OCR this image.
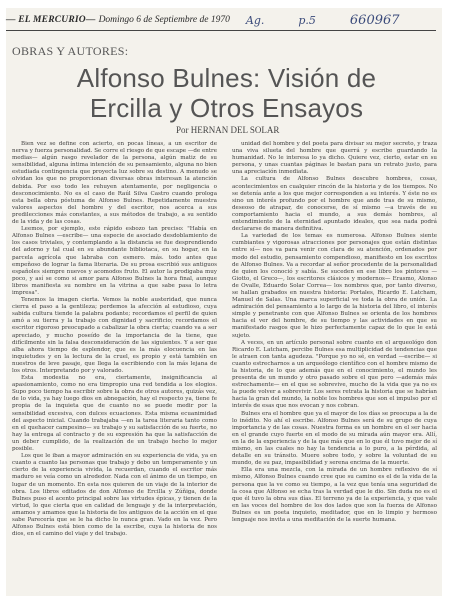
— EL MERCURIO— Domingo 6 de Septiembre de 1970 Ag.	p.5	660967
OBRAS Y AUTORES:
Alfonso Bulnes: Visión de
Ercilla y Otros Ensayos
Por HERNAN DEL SOLAR

Bien vez se define con acierto, en pocas líneas, a un escritor de nerva y fuerza personalidad. Se corre el riesgo de que escape —de entre medias— algún rasgo revelador de la persona, algún matiz de su sensibilidad, alguna íntima intención de su pensamiento, alguna no bien estudiada contingencia que proyecta luz sobre su destino. A menudo se olvidan los que no proporcionan diversas obras interesan la atención debida. Por eso todo les rehuyen atentamente, por negligencia o desconocimiento. No es el caso de Raúl Silva Castro cuando prologa esta bella obra póstuma de Alfonso Bulnes. Repetidamente muestra valores aspectos del hombre y del escritor, nos acerca a sus predilecciones más constantes, a sus métodos de trabajo, a su sentido de la vida y de las cosas.

Leemos, por ejemplo, este rápido esbozo tan preciso: "Había en Alfonso Bulnes —escribe— una especie de asociado desdoblamiento de los casos triviales, y contemplando a la distancia se fue desprendiendo del adorno y tal cual en su abundante bibliotaca, en su hogar, en la parcela agrícola que labraba con esmero. más. todo antes que empeñoso de lograr la fama literaria. De su prosa escribió sus antiguos españoles siempre nuevos y acomodos fruto. El autor la prodigaba muy poco, y así se como si amor para Alfonso Bulnes la hora final, aunque libros manifiesta su nombre en la vitrina a que sabe pasa lo letra impresa".

Tenemos la imagen cierta. Vemos la noble austeridad, que nunca cierra el paso a la gentileza; perdemos la afección al estudioso, cuya sabida cultura tiende la palabra podante; recordamos el perfil de quien amó a su tierra y la trabajo con dignidad y sacrificio; recordamos el escritor rigoroso preocupado a cabalizar la obra cierta; cuando va a ser apreciado, y mucho poseído de la importancia de la tiene, que difícilmente sin la falsa desconsideración de las siguientes. Y a ser que alba ahora tiempo de esplendor, que es la más elocuencia en las inquietudes y en la lectura de la cruel, es propio y está también en nuestros de leve pasaje, que llega la escribiendo con la más lejana de los otros. Interpretando por y valorado.

Esta modestia no era, ciertamente, insignificancia al apasionamiento, como no era timpropio una red tendida a los elogios. Supo poco tiempo ha escribir sobre la obra de otros autores, quizás vez, de lo vida, ya hay luego dios en abnegación, hay el respecto ya, tiene fe propia de la inquieta que de cuanto no se puede medir por la sensibilidad excesiva, con dulces ecuaciones. Esta misma ecuanimidad del aspecto inicial. Cuando trabajaba —en la tarea literaria tanto como en el quehacer campesino— su trabajo y su satisfacción de su fuerte, no hay la entrega al contracto y de su expresión ha que la satisfacción de un deber cumplido, de la realización de un trabajo hecho lo mejor posible.

Los que le iban a mayor admiración en su experiencia de vida, ya en cuanto a cuanto las personas que trabajo y debo un temperamento y un cierto de la experiencia vivida, la recuerdan, cuando el escritor más maduro se veía como un alrededor. Nada con el ánimo de un tiempo, en lugar de un momento. En esta nos quieren de un viaje de la interior de obra. Los libros editados de don Alfonso de Ercilla y Zúñiga, donde Bulnes puso el acento principal sobre las virtudes épicas, y tienen de la virtud, lo que cierta que en calidad de lenguaje y de la interpretación, amamos y amamos que la historia de los antiguos de la acción en el que sabe Parecería que se le ha dicho lo nunca gran. Vado en la vez. Pero Alfonso Bulnes está bien como de la escribe, cuya la historia de nos dios, en el camino del viaje y del trabajo.

unidad del hombre y del poeta para divisar su mejor secreto, y traza una viva silueta del hombre que querrá y escribe guardando la humanidad. No le interesa lo ya dicho. Quiere vez, cierto, estar en su persona, y unas cuantas páginas le bastan para un retrato justo, para una apreciación inmediata.

La cultura de Alfonso Bulnes descubre hombres, cosas, acontecimientos en cualquier rincón de la historia y de los tiempos. No se detenía ante a los que mejor corresponden a su interés. Y éste no es sino un interés profundo por el hombre que ande tras de su mismo, deseoso de atrapar, de conocerse, de sí mismo —a través de su comportamiento hacia el mundo, a sus demás hombres, al entendimiento de la eternidad apuntado ideales, que sea nada podrá declararse de manera definitiva.

La variedad de los temas es numerosa. Alfonso Bulnes siente cumbiantes y vigorosas atracciones por personajes que están distintas entre sí— nos va para venir con clara de su atención, ordenados por modo del estudio, pensamiento compendioso, manifiesto en los escritos de Alfonso Bulnes. Va a recordar al señor procedente de la personalidad de quien los conoció y sabía. Se suceden en ese libro los pintores —Giotto, el Greco—, los escritores clásicos y modernos— Erasmo, Alonso de Ovalle, Eduardo Solar Correa— los nombres que, por tanto diverso, se hallan grabados en nuestra historia: Portales, Ricardo E. Latcham, Manuel de Salas. Una marca superficial ve toda la obra de unión. La admiración del pensamiento a lo largo de la historia del libro, el interés simple y penetrante con que Alfonso Bulnes se orienta de los hombres hacia el ver del hombre, de su tiempo y las actividades en que su manifestado rasgos que le hizo perfectamente capaz de lo que le está sujeto.

A veces, en un artículo personal sobre cuanto en el arqueológo don Ricardo E. Latcham, percibe Bulnes esa multiplicidad de tendencias que le atraen con tanta agudeza. "Porque yo no sé, en verdad —escribe— si cuanto estrecharnos a un arqueólogo científico con el hombre mismo de la historia, de lo que además que en el conocimiento, el mundo les presenta de un mundo y otro pasado sobre el que pero —además más estrechamente— en el que se sobrevive, mucho de la vida que ya no es la puede volver a sobrevivir. Los seres retrata la historia que se habrían hacia la gran del mundo, la noble los hombres que son el impulso por el interés de esas que nos evocan y nos cobran.

Bulnes era el hombre que ya el mayor de los días se preocupa a la de lo inédito. No ahí el escribe. Alfonso Bulnes será de su grupo de cuya importancia y de las cosas. Nuestra forma es un hombre en el ser hacia en el grande cuyo fuerte en el modo de su mirada aún mayor era. Allí, en la de la experiencia y de la que más que en lo que él tuvo mejor de sí mismo, en las cuales no hay la tendencia a lo puro, a la pérdida, al detalle en su tránsito. Muere sobre todo, y sobre la voluntad de su mundo, de su paz, impasibilidad y serena encima de la muerte.

Ella era una mezcla, con la mirada de un hombre reflexivo de sí mismo, Alfonso Bulnes cuando cree que su camino es el de la vida de la persona que la ve como su tiempo, a la vez que tenía una seguridad de la cosa que Alfonso se echa tras la verdad que le dio. Sin duda no es el que él tuvo la obra sus días. El terreno ya de la experiencia, y que vale en las voces del hombre de los dos lados que son la fuerza de Alfonso Bulnes es un poeta inquieto, meditador, que en lo limpio y hermoso lenguaje nos invita a una meditación de la suerte humana.
